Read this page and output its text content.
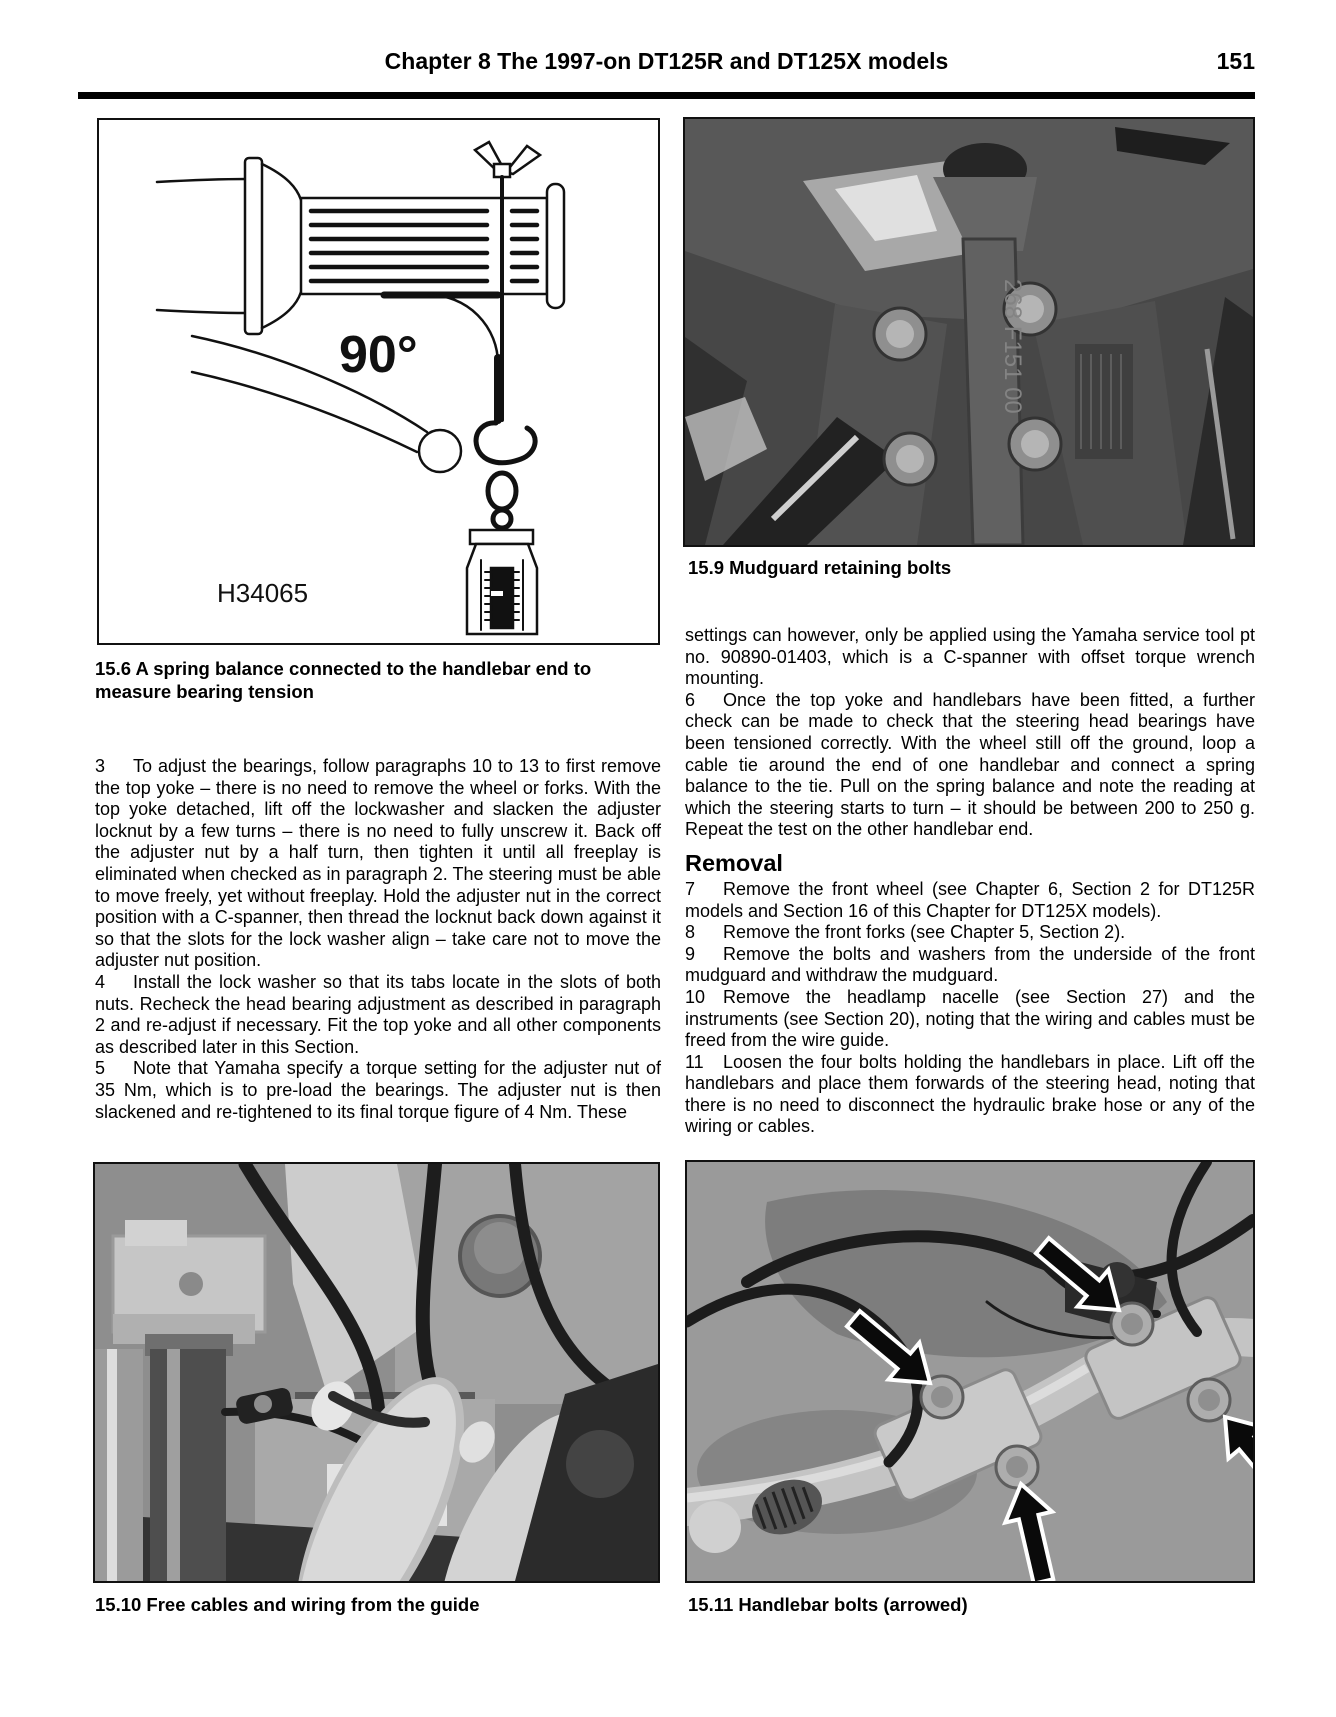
Chapter 8 The 1997-on DT125R and DT125X models	151
H34065
90°
15.6 A spring balance connected to the handlebar end to measure bearing tension

3 To adjust the bearings, follow paragraphs 10 to 13 to first remove the top yoke – there is no need to remove the wheel or forks. With the top yoke detached, lift off the lockwasher and slacken the adjuster locknut by a few turns – there is no need to fully unscrew it. Back off the adjuster nut by a half turn, then tighten it until all freeplay is eliminated when checked as in paragraph 2. The steering must be able to move freely, yet without freeplay. Hold the adjuster nut in the correct position with a C-spanner, then thread the locknut back down against it so that the slots for the lock washer align – take care not to move the adjuster nut position.

4 Install the lock washer so that its tabs locate in the slots of both nuts. Recheck the head bearing adjustment as described in paragraph 2 and re-adjust if necessary. Fit the top yoke and all other components as described later in this Section.

5 Note that Yamaha specify a torque setting for the adjuster nut of 35 Nm, which is to pre-load the bearings. The adjuster nut is then slackened and re-tightened to its final torque figure of 4 Nm. These

268 F151 00
15.9 Mudguard retaining bolts

settings can however, only be applied using the Yamaha service tool pt no. 90890-01403, which is a C-spanner with offset torque wrench mounting.

6 Once the top yoke and handlebars have been fitted, a further check can be made to check that the steering head bearings have been tensioned correctly. With the wheel still off the ground, loop a cable tie around the end of one handlebar and connect a spring balance to the tie. Pull on the spring balance and note the reading at which the steering starts to turn – it should be between 200 to 250 g. Repeat the test on the other handlebar end.

Removal

7 Remove the front wheel (see Chapter 6, Section 2 for DT125R models and Section 16 of this Chapter for DT125X models).

8 Remove the front forks (see Chapter 5, Section 2).

9 Remove the bolts and washers from the underside of the front mudguard and withdraw the mudguard.

10 Remove the headlamp nacelle (see Section 27) and the instruments (see Section 20), noting that the wiring and cables must be freed from the wire guide.

11 Loosen the four bolts holding the handlebars in place. Lift off the handlebars and place them forwards of the steering head, noting that there is no need to disconnect the hydraulic brake hose or any of the wiring or cables.

15.10 Free cables and wiring from the guide	15.11 Handlebar bolts (arrowed)
